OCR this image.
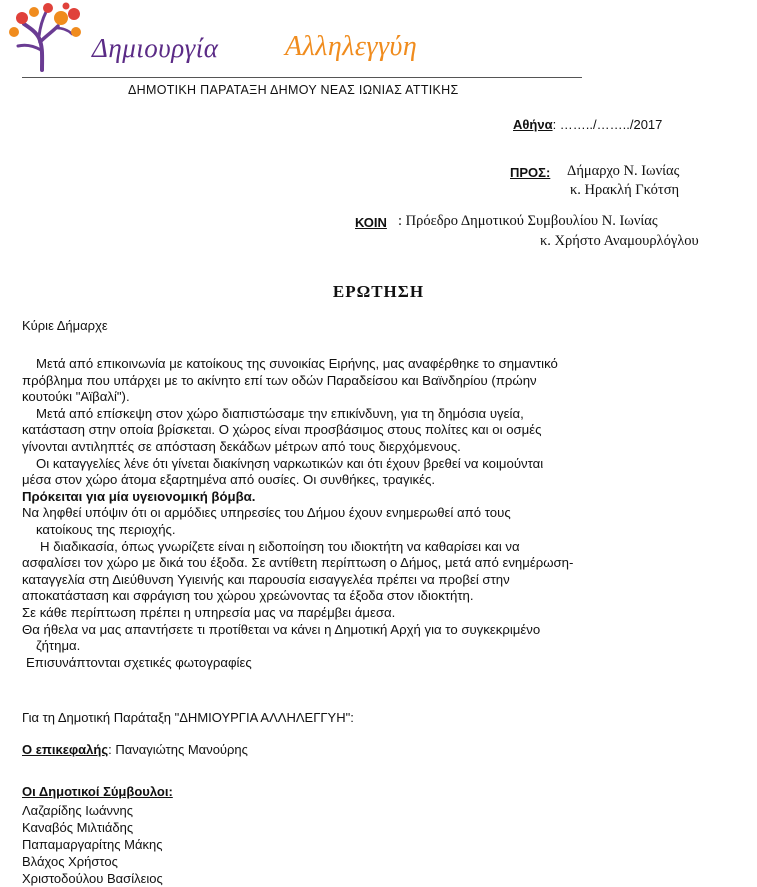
Δημιουργία Αλληλεγγύη
ΔΗΜΟΤΙΚΗ ΠΑΡΑΤΑΞΗ ΔΗΜΟΥ ΝΕΑΣ ΙΩΝΙΑΣ ΑΤΤΙΚΗΣ
Αθήνα: ……../……../2017
ΠΡΟΣ: Δήμαρχο Ν. Ιωνίας
κ. Ηρακλή Γκότση
ΚΟΙΝ : Πρόεδρο Δημοτικού Συμβουλίου Ν. Ιωνίας
κ. Χρήστο Αναμουρλόγλου
ΕΡΩΤΗΣΗ
Κύριε Δήμαρχε

Μετά από επικοινωνία με κατοίκους της συνοικίας Ειρήνης, μας αναφέρθηκε το σημαντικό

πρόβλημα που υπάρχει με το ακίνητο επί των οδών Παραδείσου και Βαϊνδηρίου (πρώην

κουτούκι "Αϊβαλί").

Μετά από επίσκεψη στον χώρο διαπιστώσαμε την επικίνδυνη, για τη δημόσια υγεία,

κατάσταση στην οποία βρίσκεται. Ο χώρος είναι προσβάσιμος στους πολίτες και οι οσμές

γίνονται αντιληπτές σε απόσταση δεκάδων μέτρων από τους διερχόμενους.

Οι καταγγελίες λένε ότι γίνεται διακίνηση ναρκωτικών και ότι έχουν βρεθεί να κοιμούνται

μέσα στον χώρο άτομα εξαρτημένα από ουσίες. Οι συνθήκες, τραγικές.

Πρόκειται για μία υγειονομική βόμβα.

Να ληφθεί υπόψιν ότι οι αρμόδιες υπηρεσίες του Δήμου έχουν ενημερωθεί από τους

κατοίκους της περιοχής.

Η διαδικασία, όπως γνωρίζετε είναι η ειδοποίηση του ιδιοκτήτη να καθαρίσει και να

ασφαλίσει τον χώρο με δικά του έξοδα. Σε αντίθετη περίπτωση ο Δήμος, μετά από ενημέρωση-

καταγγελία στη Διεύθυνση Υγιεινής και παρουσία εισαγγελέα πρέπει να προβεί στην

αποκατάσταση και σφράγιση του χώρου χρεώνοντας τα έξοδα στον ιδιοκτήτη.

Σε κάθε περίπτωση πρέπει η υπηρεσία μας να παρέμβει άμεσα.

Θα ήθελα να μας απαντήσετε τι προτίθεται να κάνει η Δημοτική Αρχή για το συγκεκριμένο

ζήτημα.

Επισυνάπτονται σχετικές φωτογραφίες

Για τη Δημοτική Παράταξη "ΔΗΜΙΟΥΡΓΙΑ ΑΛΛΗΛΕΓΓΥΗ":
Ο επικεφαλής: Παναγιώτης Μανούρης
Οι Δημοτικοί Σύμβουλοι:
Λαζαρίδης Ιωάννης
Καναβός Μιλτιάδης
Παπαμαργαρίτης Μάκης
Βλάχος Χρήστος
Χριστοδούλου Βασίλειος
